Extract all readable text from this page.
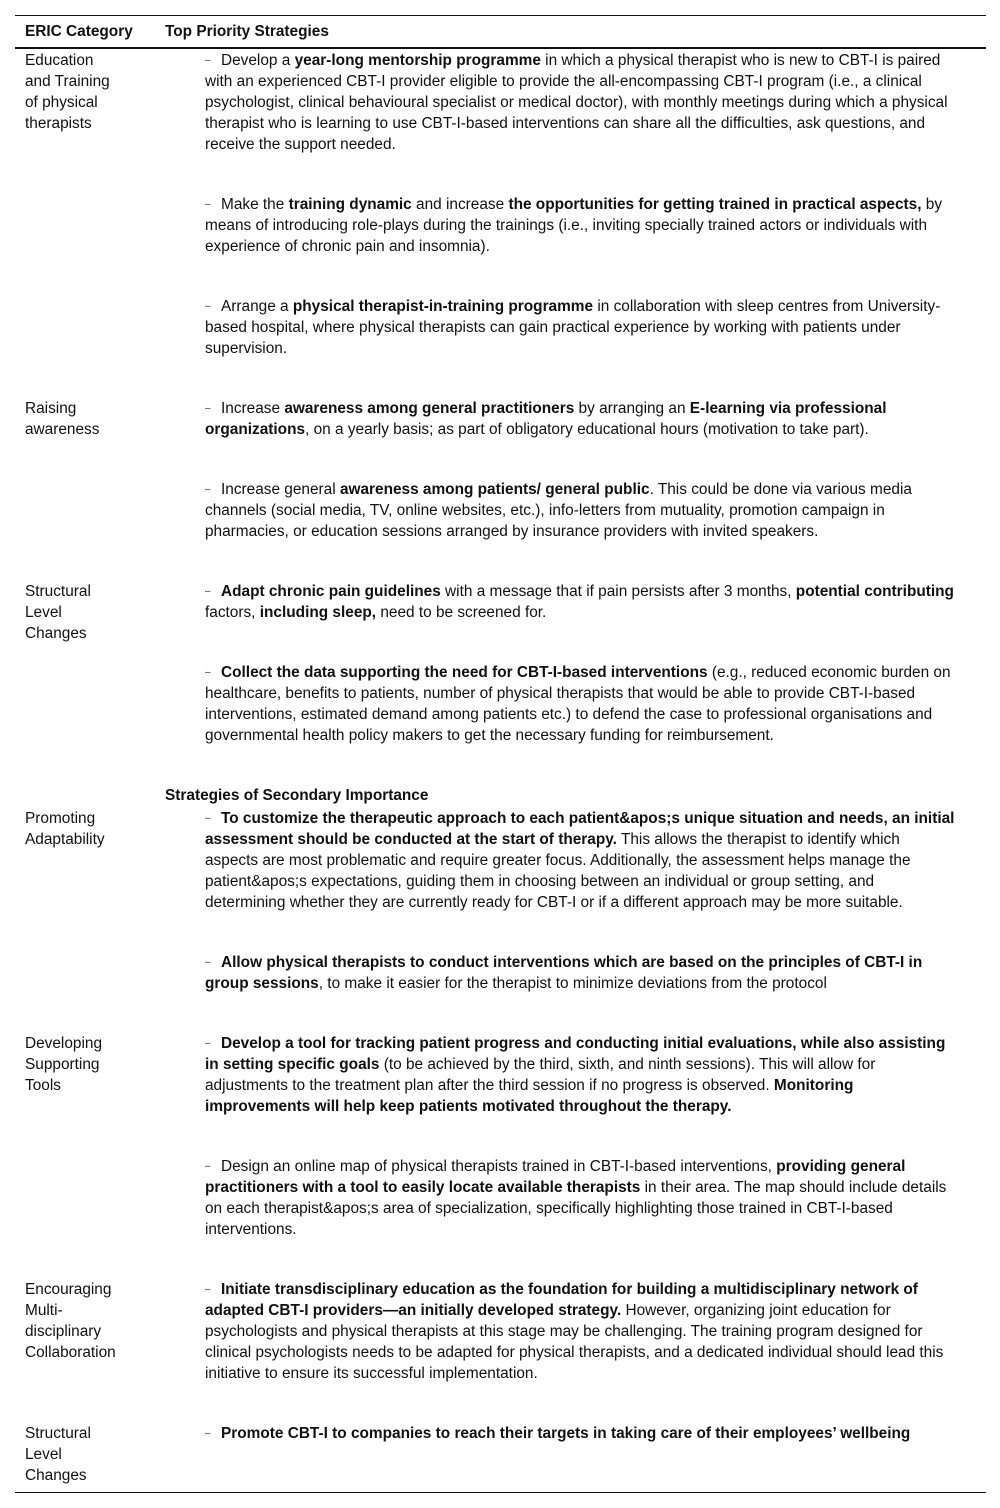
ERIC Category Top Priority Strategies
Education
and Training
of physical
therapists
Raising
awareness
Structural
Level
Changes
Promoting
Adaptability
Developing
Supporting
Tools
Encouraging
Multi-
disciplinary
Collaboration
Structural
Level
Changes
Strategies of Secondary Importance
– Develop a year-long mentorship programme in which a physical therapist who is new to CBT-I is paired with an experienced CBT-I provider eligible to provide the all-encompassing CBT-I program (i.e., a clinical psychologist, clinical behavioural specialist or medical doctor), with monthly meetings during which a physical therapist who is learning to use CBT-I-based interventions can share all the difficulties, ask questions, and receive the support needed.
– Make the training dynamic and increase the opportunities for getting trained in practical aspects, by means of introducing role-plays during the trainings (i.e., inviting specially trained actors or individuals with experience of chronic pain and insomnia).
– Arrange a physical therapist-in-training programme in collaboration with sleep centres from University-based hospital, where physical therapists can gain practical experience by working with patients under supervision.
– Increase awareness among general practitioners by arranging an E-learning via professional organizations, on a yearly basis; as part of obligatory educational hours (motivation to take part).
– Increase general awareness among patients/ general public. This could be done via various media channels (social media, TV, online websites, etc.), info-letters from mutuality, promotion campaign in pharmacies, or education sessions arranged by insurance providers with invited speakers.
– Adapt chronic pain guidelines with a message that if pain persists after 3 months, potential contributing factors, including sleep, need to be screened for.
– Collect the data supporting the need for CBT-I-based interventions (e.g., reduced economic burden on healthcare, benefits to patients, number of physical therapists that would be able to provide CBT-I-based interventions, estimated demand among patients etc.) to defend the case to professional organisations and governmental health policy makers to get the necessary funding for reimbursement.
– To customize the therapeutic approach to each patient&apos;s unique situation and needs, an initial assessment should be conducted at the start of therapy. This allows the therapist to identify which aspects are most problematic and require greater focus. Additionally, the assessment helps manage the patient&apos;s expectations, guiding them in choosing between an individual or group setting, and determining whether they are currently ready for CBT-I or if a different approach may be more suitable.
– Allow physical therapists to conduct interventions which are based on the principles of CBT-I in group sessions, to make it easier for the therapist to minimize deviations from the protocol
– Develop a tool for tracking patient progress and conducting initial evaluations, while also assisting in setting specific goals (to be achieved by the third, sixth, and ninth sessions). This will allow for adjustments to the treatment plan after the third session if no progress is observed. Monitoring improvements will help keep patients motivated throughout the therapy.
– Design an online map of physical therapists trained in CBT-I-based interventions, providing general practitioners with a tool to easily locate available therapists in their area. The map should include details on each therapist&apos;s area of specialization, specifically highlighting those trained in CBT-I-based interventions.
– Initiate transdisciplinary education as the foundation for building a multidisciplinary network of adapted CBT-I providers—an initially developed strategy. However, organizing joint education for psychologists and physical therapists at this stage may be challenging. The training program designed for clinical psychologists needs to be adapted for physical therapists, and a dedicated individual should lead this initiative to ensure its successful implementation.
– Promote CBT-I to companies to reach their targets in taking care of their employees’ wellbeing
